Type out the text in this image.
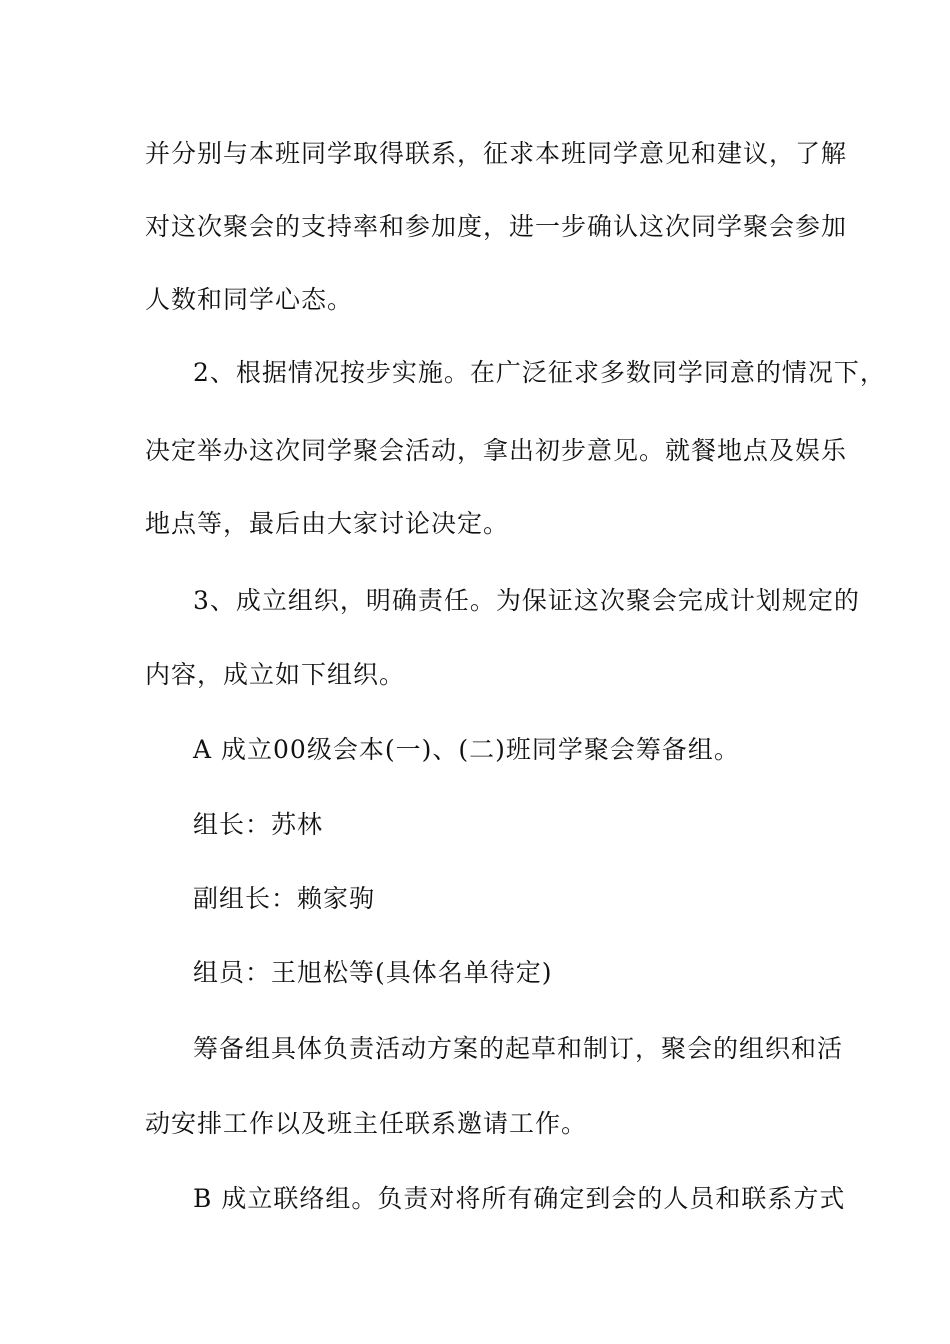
并分别与本班同学取得联系，征求本班同学意见和建议，了解
对这次聚会的支持率和参加度，进一步确认这次同学聚会参加
人数和同学心态。
2、根据情况按步实施。在广泛征求多数同学同意的情况下，
决定举办这次同学聚会活动，拿出初步意见。就餐地点及娱乐
地点等，最后由大家讨论决定。
3、成立组织，明确责任。为保证这次聚会完成计划规定的
内容，成立如下组织。
A 成立00级会本(一)、(二)班同学聚会筹备组。
组长：苏林
副组长：赖家驹
组员：王旭松等(具体名单待定)
筹备组具体负责活动方案的起草和制订，聚会的组织和活
动安排工作以及班主任联系邀请工作。
B 成立联络组。负责对将所有确定到会的人员和联系方式
